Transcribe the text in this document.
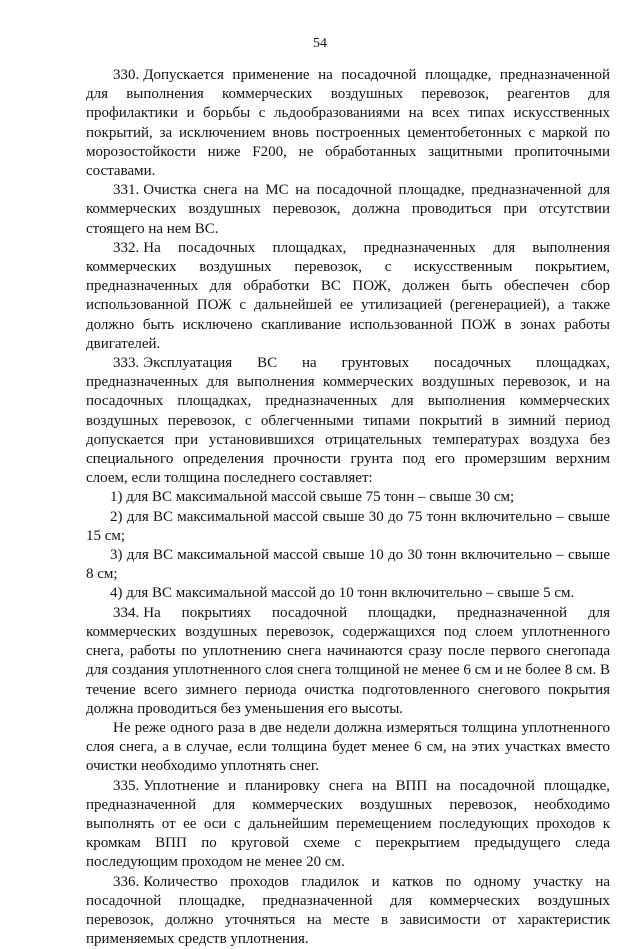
54

330. Допускается применение на посадочной площадке, предназначенной для выполнения коммерческих воздушных перевозок, реагентов для профилактики и борьбы с льдообразованиями на всех типах искусственных покрытий, за исключением вновь построенных цементобетонных с маркой по морозостойкости ниже F200, не обработанных защитными пропиточными составами.

331. Очистка снега на МС на посадочной площадке, предназначенной для коммерческих воздушных перевозок, должна проводиться при отсутствии стоящего на нем ВС.

332. На посадочных площадках, предназначенных для выполнения коммерческих воздушных перевозок, с искусственным покрытием, предназначенных для обработки ВС ПОЖ, должен быть обеспечен сбор использованной ПОЖ с дальнейшей ее утилизацией (регенерацией), а также должно быть исключено скапливание использованной ПОЖ в зонах работы двигателей.

333. Эксплуатация ВС на грунтовых посадочных площадках, предназначенных для выполнения коммерческих воздушных перевозок, и на посадочных площадках, предназначенных для выполнения коммерческих воздушных перевозок, с облегченными типами покрытий в зимний период допускается при установившихся отрицательных температурах воздуха без специального определения прочности грунта под его промерзшим верхним слоем, если толщина последнего составляет:

1) для ВС максимальной массой свыше 75 тонн – свыше 30 см;

2) для ВС максимальной массой свыше 30 до 75 тонн включительно – свыше 15 см;

3) для ВС максимальной массой свыше 10 до 30 тонн включительно – свыше 8 см;

4) для ВС максимальной массой до 10 тонн включительно – свыше 5 см.

334. На покрытиях посадочной площадки, предназначенной для коммерческих воздушных перевозок, содержащихся под слоем уплотненного снега, работы по уплотнению снега начинаются сразу после первого снегопада для создания уплотненного слоя снега толщиной не менее 6 см и не более 8 см. В течение всего зимнего периода очистка подготовленного снегового покрытия должна проводиться без уменьшения его высоты.

Не реже одного раза в две недели должна измеряться толщина уплотненного слоя снега, а в случае, если толщина будет менее 6 см, на этих участках вместо очистки необходимо уплотнять снег.

335. Уплотнение и планировку снега на ВПП на посадочной площадке, предназначенной для коммерческих воздушных перевозок, необходимо выполнять от ее оси с дальнейшим перемещением последующих проходов к кромкам ВПП по круговой схеме с перекрытием предыдущего следа последующим проходом не менее 20 см.

336. Количество проходов гладилок и катков по одному участку на посадочной площадке, предназначенной для коммерческих воздушных перевозок, должно уточняться на месте в зависимости от характеристик применяемых средств уплотнения.
